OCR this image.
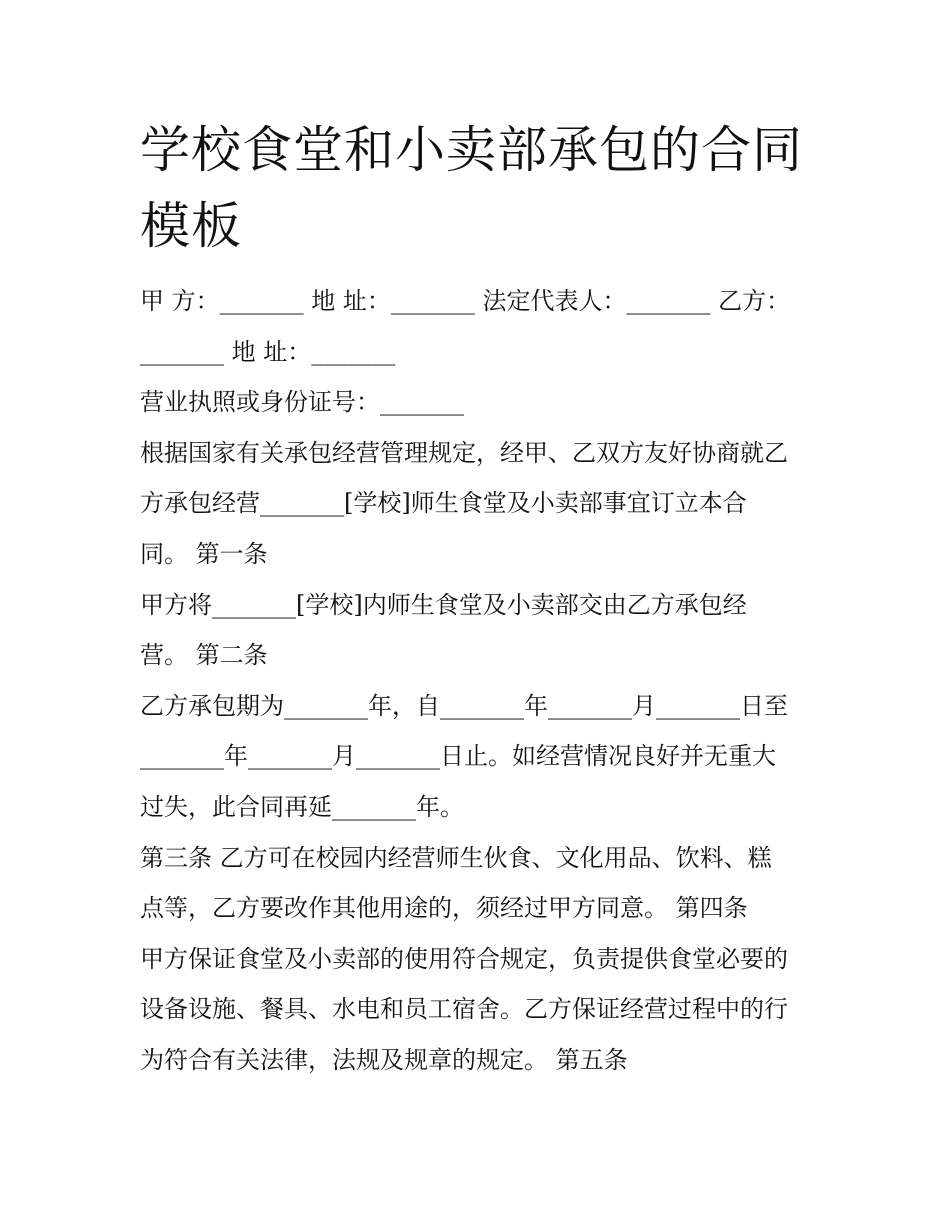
学校食堂和小卖部承包的合同
模板
甲 方：_______ 地 址：_______ 法定代表人：_______ 乙方：
_______ 地 址：_______
营业执照或身份证号：_______
根据国家有关承包经营管理规定，经甲、乙双方友好协商就乙
方承包经营_______[学校]师生食堂及小卖部事宜订立本合
同。 第一条
甲方将_______[学校]内师生食堂及小卖部交由乙方承包经
营。 第二条
乙方承包期为_______年，自_______年_______月_______日至
_______年_______月_______日止。如经营情况良好并无重大
过失，此合同再延_______年。
第三条 乙方可在校园内经营师生伙食、文化用品、饮料、糕
点等，乙方要改作其他用途的，须经过甲方同意。 第四条
甲方保证食堂及小卖部的使用符合规定，负责提供食堂必要的
设备设施、餐具、水电和员工宿舍。乙方保证经营过程中的行
为符合有关法律，法规及规章的规定。 第五条
